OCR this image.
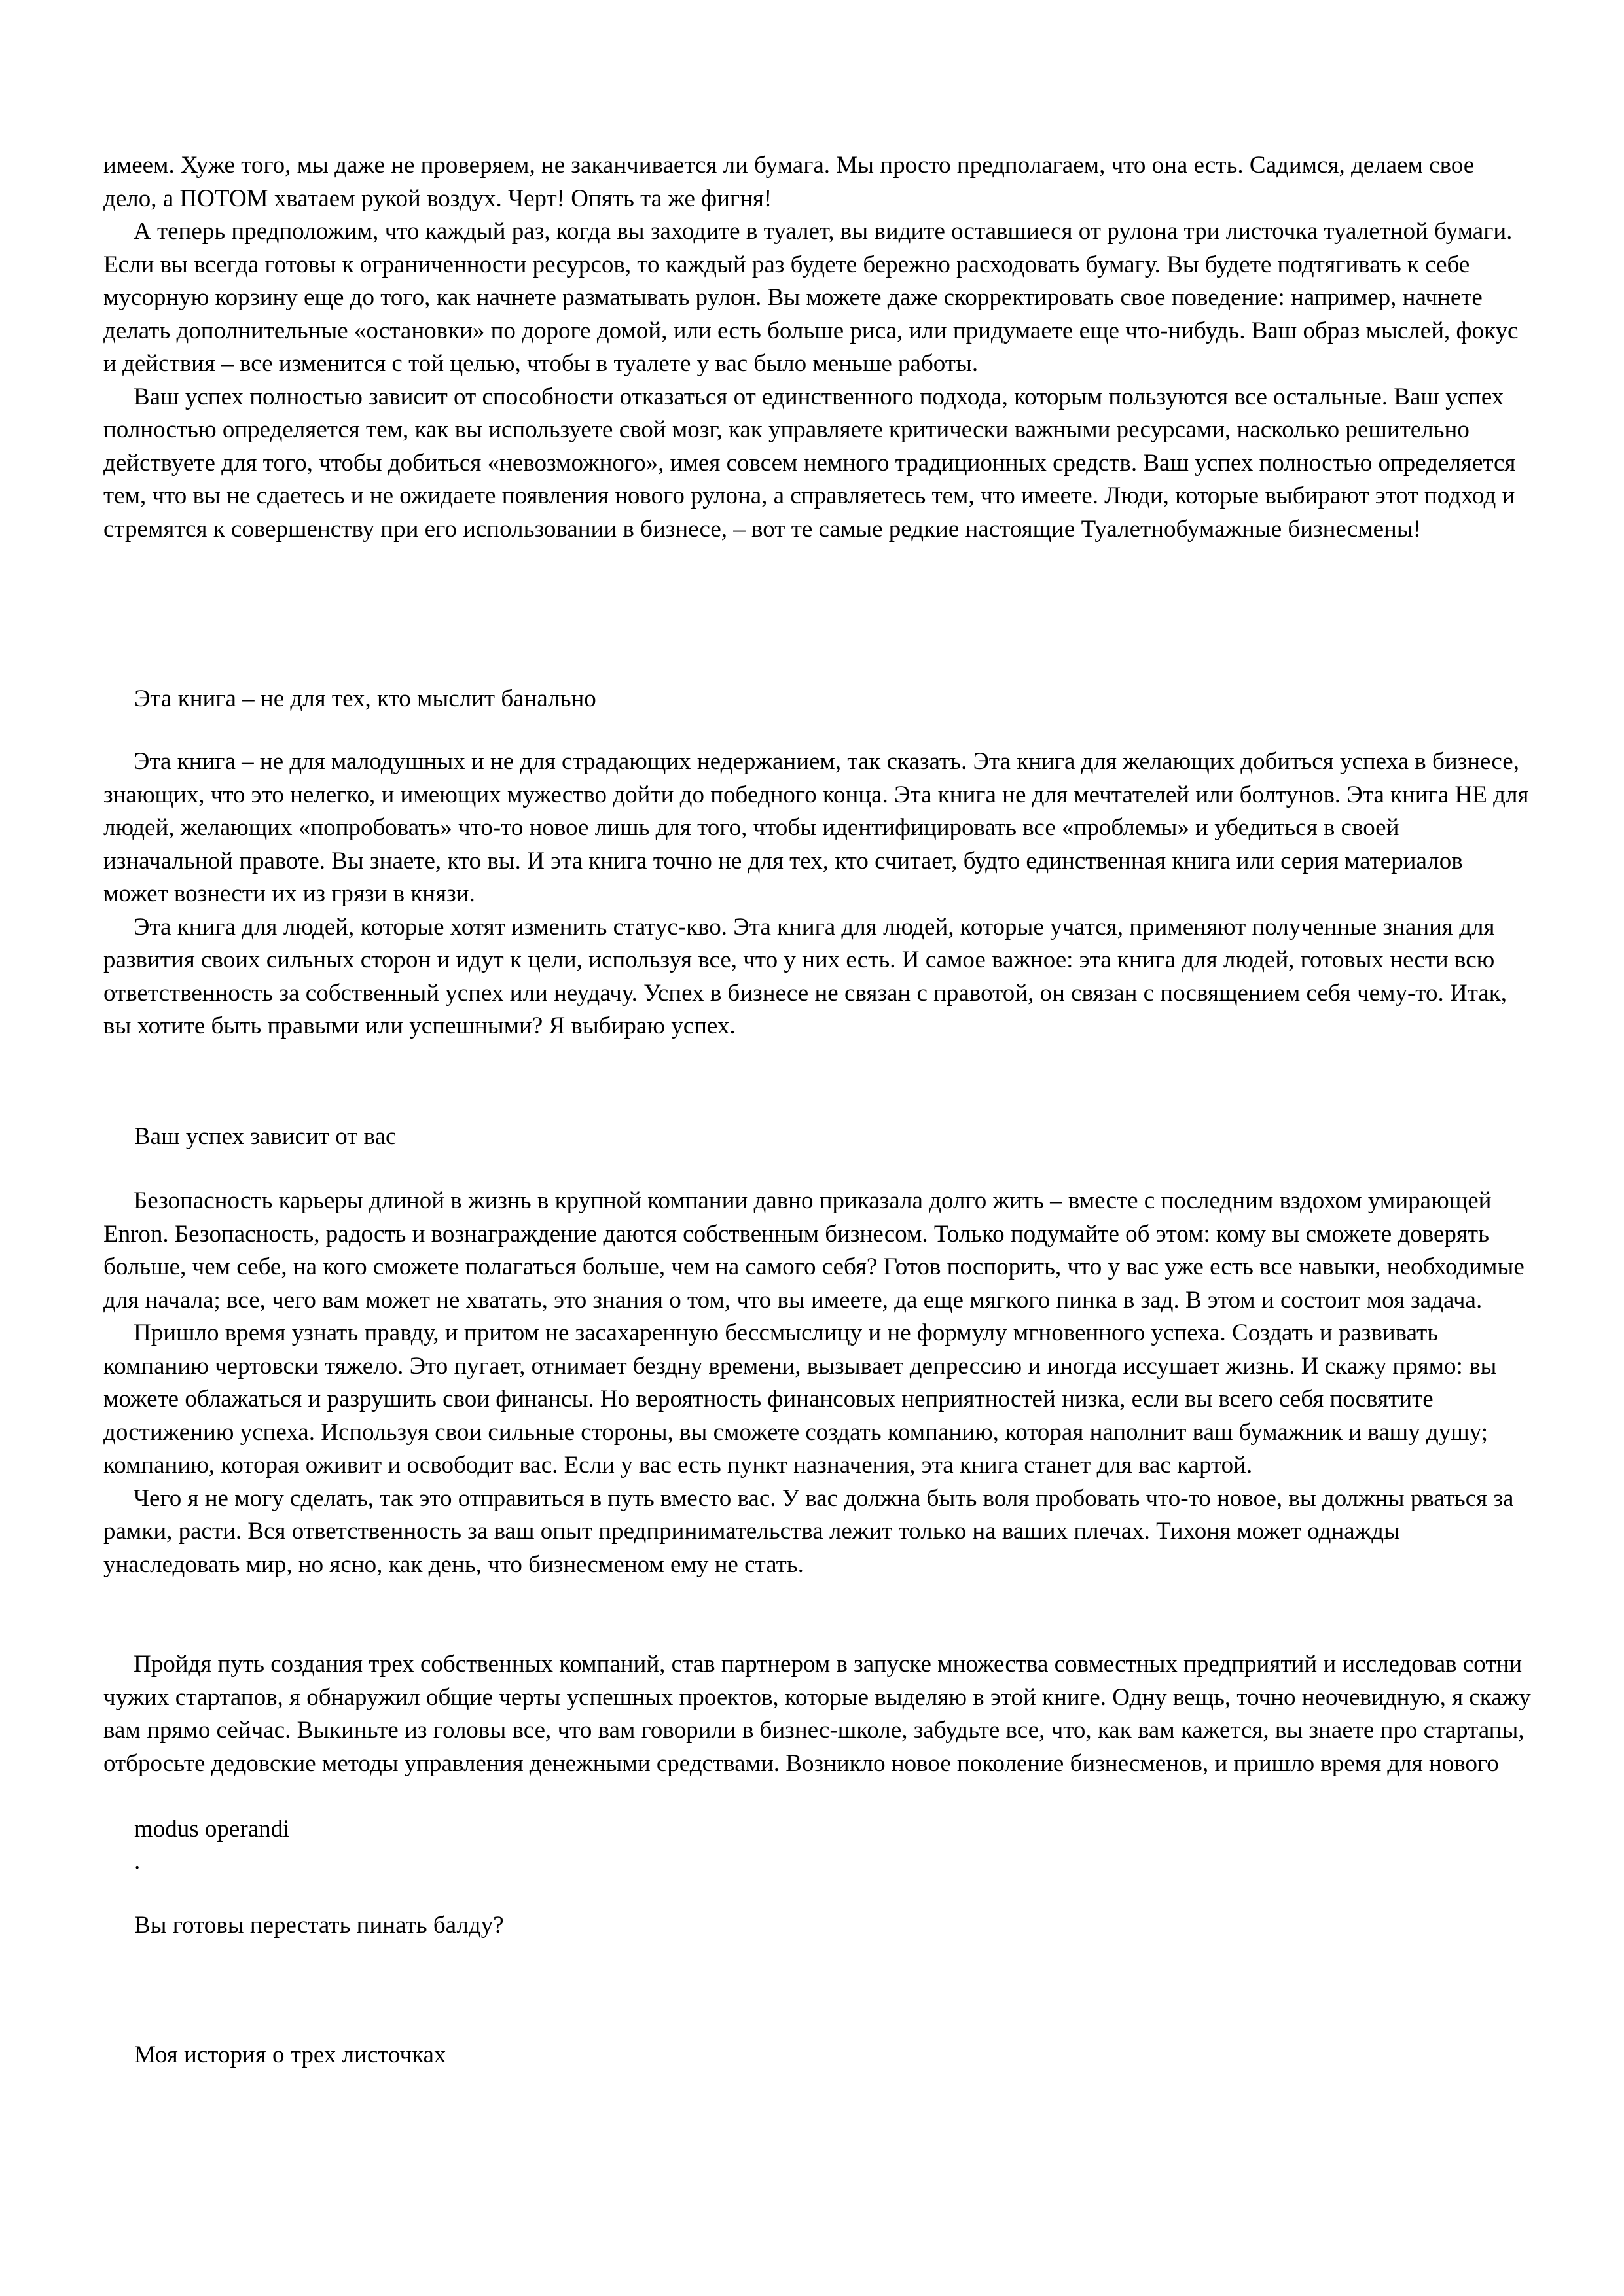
имеем. Хуже того, мы даже не проверяем, не заканчивается ли бумага. Мы просто предполагаем, что она есть. Садимся, делаем свое дело, а ПОТОМ хватаем рукой воздух. Черт! Опять та же фигня!

А теперь предположим, что каждый раз, когда вы заходите в туалет, вы видите оставшиеся от рулона три листочка туалетной бумаги. Если вы всегда готовы к ограниченности ресурсов, то каждый раз будете бережно расходовать бумагу. Вы будете подтягивать к себе мусорную корзину еще до того, как начнете разматывать рулон. Вы можете даже скорректировать свое поведение: например, начнете делать дополнительные «остановки» по дороге домой, или есть больше риса, или придумаете еще что-нибудь. Ваш образ мыслей, фокус и действия – все изменится с той целью, чтобы в туалете у вас было меньше работы.

Ваш успех полностью зависит от способности отказаться от единственного подхода, которым пользуются все остальные. Ваш успех полностью определяется тем, как вы используете свой мозг, как управляете критически важными ресурсами, насколько решительно действуете для того, чтобы добиться «невозможного», имея совсем немного традиционных средств. Ваш успех полностью определяется тем, что вы не сдаетесь и не ожидаете появления нового рулона, а справляетесь тем, что имеете. Люди, которые выбирают этот подход и стремятся к совершенству при его использовании в бизнесе, – вот те самые редкие настоящие Туалетнобумажные бизнесмены!

Эта книга – не для тех, кто мыслит банально

Эта книга – не для малодушных и не для страдающих недержанием, так сказать. Эта книга для желающих добиться успеха в бизнесе, знающих, что это нелегко, и имеющих мужество дойти до победного конца. Эта книга не для мечтателей или болтунов. Эта книга НЕ для людей, желающих «попробовать» что-то новое лишь для того, чтобы идентифицировать все «проблемы» и убедиться в своей изначальной правоте. Вы знаете, кто вы. И эта книга точно не для тех, кто считает, будто единственная книга или серия материалов может вознести их из грязи в князи.

Эта книга для людей, которые хотят изменить статус-кво. Эта книга для людей, которые учатся, применяют полученные знания для развития своих сильных сторон и идут к цели, используя все, что у них есть. И самое важное: эта книга для людей, готовых нести всю ответственность за собственный успех или неудачу. Успех в бизнесе не связан с правотой, он связан с посвящением себя чему-то. Итак, вы хотите быть правыми или успешными? Я выбираю успех.

Ваш успех зависит от вас

Безопасность карьеры длиной в жизнь в крупной компании давно приказала долго жить – вместе с последним вздохом умирающей Enron. Безопасность, радость и вознаграждение даются собственным бизнесом. Только подумайте об этом: кому вы сможете доверять больше, чем себе, на кого сможете полагаться больше, чем на самого себя? Готов поспорить, что у вас уже есть все навыки, необходимые для начала; все, чего вам может не хватать, это знания о том, что вы имеете, да еще мягкого пинка в зад. В этом и состоит моя задача.

Пришло время узнать правду, и притом не засахаренную бессмыслицу и не формулу мгновенного успеха. Создать и развивать компанию чертовски тяжело. Это пугает, отнимает бездну времени, вызывает депрессию и иногда иссушает жизнь. И скажу прямо: вы можете облажаться и разрушить свои финансы. Но вероятность финансовых неприятностей низка, если вы всего себя посвятите достижению успеха. Используя свои сильные стороны, вы сможете создать компанию, которая наполнит ваш бумажник и вашу душу; компанию, которая оживит и освободит вас. Если у вас есть пункт назначения, эта книга станет для вас картой.

Чего я не могу сделать, так это отправиться в путь вместо вас. У вас должна быть воля пробовать что-то новое, вы должны рваться за рамки, расти. Вся ответственность за ваш опыт предпринимательства лежит только на ваших плечах. Тихоня может однажды унаследовать мир, но ясно, как день, что бизнесменом ему не стать.

Пройдя путь создания трех собственных компаний, став партнером в запуске множества совместных предприятий и исследовав сотни чужих стартапов, я обнаружил общие черты успешных проектов, которые выделяю в этой книге. Одну вещь, точно неочевидную, я скажу вам прямо сейчас. Выкиньте из головы все, что вам говорили в бизнес-школе, забудьте все, что, как вам кажется, вы знаете про стартапы, отбросьте дедовские методы управления денежными средствами. Возникло новое поколение бизнесменов, и пришло время для нового

modus operandi

.

Вы готовы перестать пинать балду?

Моя история о трех листочках
